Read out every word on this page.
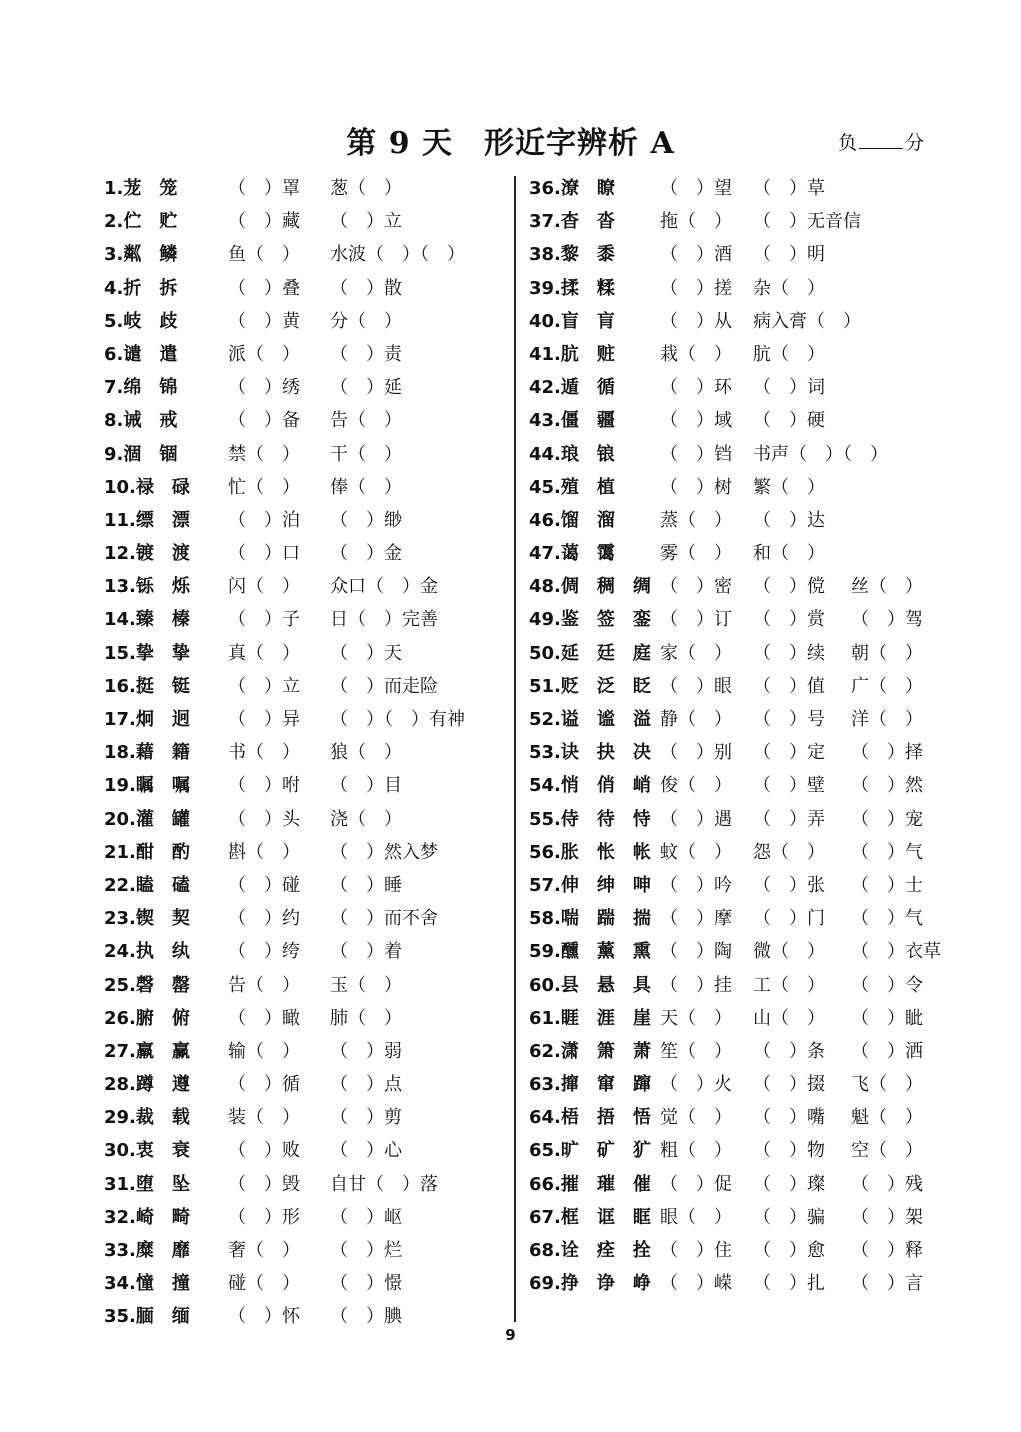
第 9 天　形近字辨析 A	负	分
1.茏　笼	（　）罩 葱（　）
2.伫　贮	（　）藏 （　）立
3.粼　鳞	鱼（　） 水波（　）（　）
4.折　拆	（　）叠 （　）散
5.岐　歧	（　）黄 分（　）
6.谴　遣	派（　） （　）责
7.绵　锦	（　）绣 （　）延
8.诫　戒	（　）备 告（　）
9.涸　锢	禁（　） 干（　）
10.禄　碌 忙（　） 俸（　）
11.缥　漂 （　）泊 （　）缈
12.镀　渡 （　）口 （　）金
13.铄　烁 闪（　） 众口（　）金
14.臻　榛 （　）子 日（　）完善
15.挚　挚 真（　） （　）天
16.挺　铤 （　）立 （　）而走险
17.炯　迥 （　）异 （　）（　）有神
18.藉　籍 书（　） 狼（　）
19.瞩　嘱 （　）咐 （　）目
20.灌　罐 （　）头 浇（　）
21.酣　酌 斟（　） （　）然入梦
22.瞌　磕 （　）碰 （　）睡
23.锲　契 （　）约 （　）而不舍
24.执　纨 （　）绔 （　）着
25.磬　罄 告（　） 玉（　）
26.腑　俯 （　）瞰 肺（　）
27.羸　赢 输（　） （　）弱
28.蹲　遵 （　）循 （　）点
29.裁　载 装（　） （　）剪
30.衷　衰 （　）败 （　）心
31.堕　坠 （　）毁 自甘（　）落
32.崎　畸 （　）形 （　）岖
33.糜　靡 奢（　） （　）烂
34.憧　撞 碰（　） （　）憬
35.腼　缅 （　）怀 （　）腆
36.潦　瞭	（　）望 （　）草
37.杳　沓	拖（　） （　）无音信
38.黎　黍	（　）酒 （　）明
39.揉　糅	（　）搓 杂（　）
40.盲　肓	（　）从 病入膏（　）
41.肮　赃	栽（　） 肮（　）
42.遁　循	（　）环 （　）词
43.僵　疆	（　）域 （　）硬
44.琅　锒	（　）铛 书声（　）（　）
45.殖　植	（　）树 繁（　）
46.馏　溜	蒸（　） （　）达
47.蔼　霭	雾（　） 和（　）
48.倜　稠　绸 （　）密 （　）傥 丝（　）
49.鉴　签　銮 （　）订 （　）赏 （　）驾
50.延　廷　庭 家（　） （　）续 朝（　）
51.贬　泛　眨 （　）眼 （　）值 广（　）
52.谥　谧　溢 静（　） （　）号 洋（　）
53.诀　抉　决 （　）别 （　）定 （　）择
54.悄　俏　峭 俊（　） （　）壁 （　）然
55.侍　待　恃 （　）遇 （　）弄 （　）宠
56.胀　怅　帐 蚊（　） 怨（　） （　）气
57.伸　绅　呻 （　）吟 （　）张 （　）士
58.喘　踹　揣 （　）摩 （　）门 （　）气
59.醺　薰　熏 （　）陶 微（　） （　）衣草
60.县　悬　具 （　）挂 工（　） （　）令
61.睚　涯　崖 天（　） 山（　） （　）眦
62.潇　箫　萧 笙（　） （　）条 （　）洒
63.撺　窜　蹿 （　）火 （　）掇 飞（　）
64.梧　捂　悟 觉（　） （　）嘴 魁（　）
65.旷　矿　犷 粗（　） （　）物 空（　）
66.摧　璀　催 （　）促 （　）璨 （　）残
67.框　诓　眶 眼（　） （　）骗 （　）架
68.诠　痊　拴 （　）住 （　）愈 （　）释
69.挣　诤　峥 （　）嵘 （　）扎 （　）言
9
